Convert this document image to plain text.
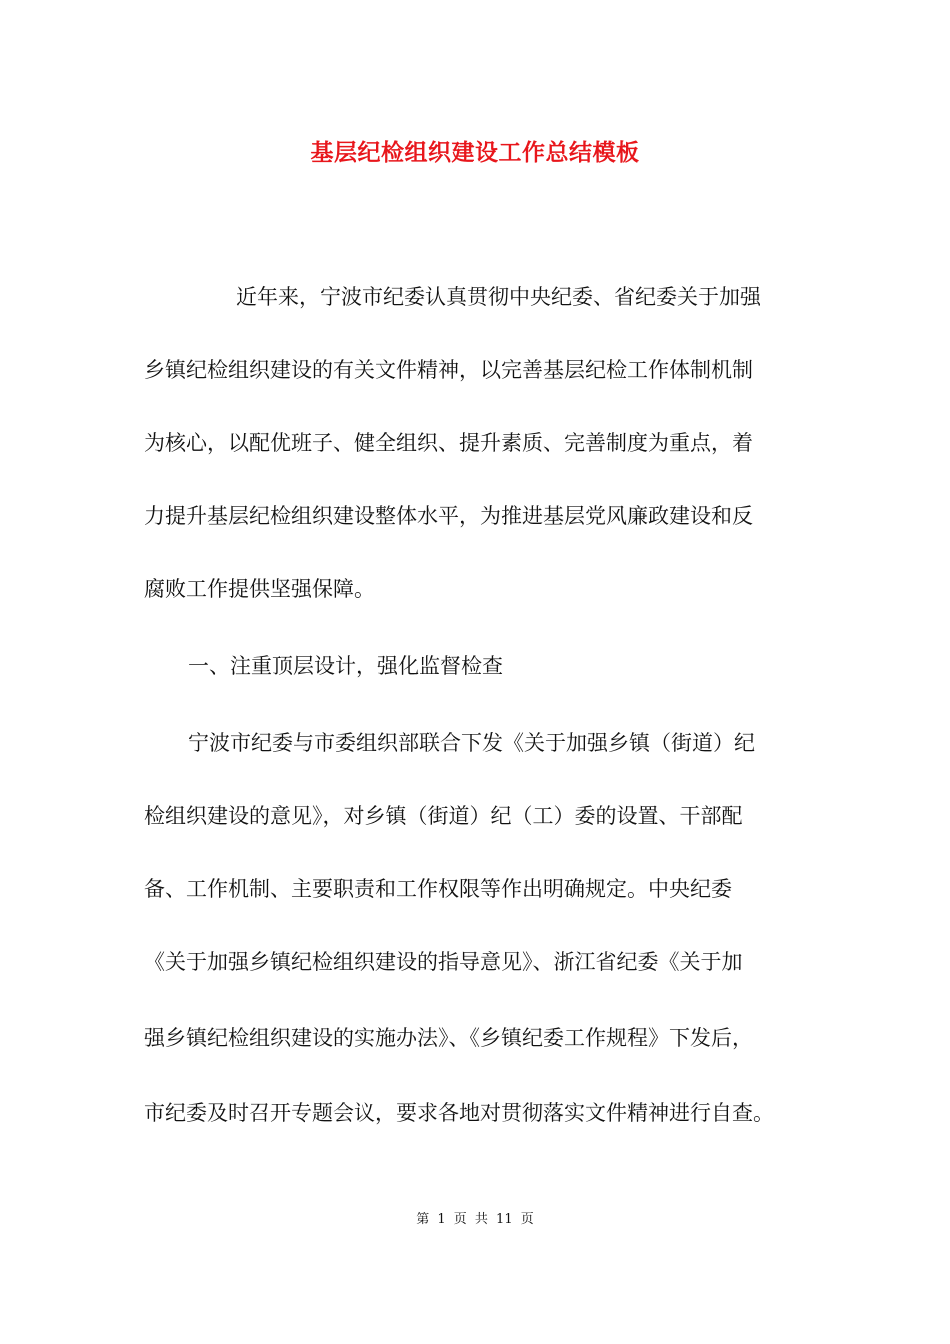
基层纪检组织建设工作总结模板
近年来，宁波市纪委认真贯彻中央纪委、省纪委关于加强
乡镇纪检组织建设的有关文件精神，以完善基层纪检工作体制机制
为核心，以配优班子、健全组织、提升素质、完善制度为重点，着
力提升基层纪检组织建设整体水平，为推进基层党风廉政建设和反
腐败工作提供坚强保障。
一、注重顶层设计，强化监督检查
宁波市纪委与市委组织部联合下发《关于加强乡镇（街道）纪
检组织建设的意见》，对乡镇（街道）纪（工）委的设置、干部配
备、工作机制、主要职责和工作权限等作出明确规定。中央纪委
《关于加强乡镇纪检组织建设的指导意见》、浙江省纪委《关于加
强乡镇纪检组织建设的实施办法》、《乡镇纪委工作规程》下发后，
市纪委及时召开专题会议，要求各地对贯彻落实文件精神进行自查。
第 1 页 共 11 页
